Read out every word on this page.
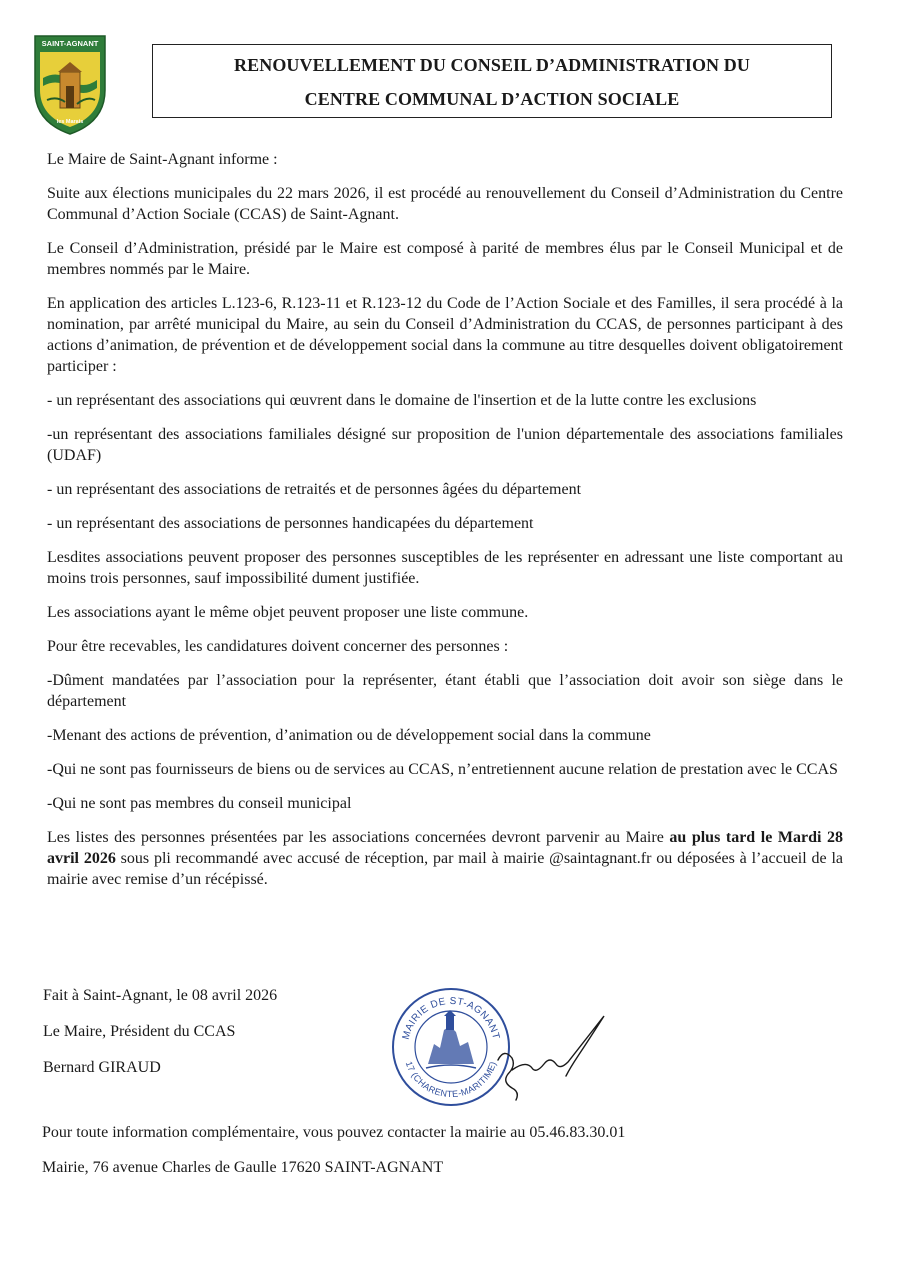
SAINT-AGNANT
les Marais
RENOUVELLEMENT DU CONSEIL D’ADMINISTRATION DU
CENTRE COMMUNAL D’ACTION SOCIALE

Le Maire de Saint-Agnant informe :

Suite aux élections municipales du 22 mars 2026, il est procédé au renouvellement du Conseil d’Administration du Centre Communal d’Action Sociale (CCAS) de Saint-Agnant.

Le Conseil d’Administration, présidé par le Maire est composé à parité de membres élus par le Conseil Municipal et de membres nommés par le Maire.

En application des articles L.123-6, R.123-11 et R.123-12 du Code de l’Action Sociale et des Familles, il sera procédé à la nomination, par arrêté municipal du Maire, au sein du Conseil d’Administration du CCAS, de personnes participant à des actions d’animation, de prévention et de développement social dans la commune au titre desquelles doivent obligatoirement participer :

- un représentant des associations qui œuvrent dans le domaine de l'insertion et de la lutte contre les exclusions

-un représentant des associations familiales désigné sur proposition de l'union départementale des associations familiales (UDAF)

- un représentant des associations de retraités et de personnes âgées du département

- un représentant des associations de personnes handicapées du département

Lesdites associations peuvent proposer des personnes susceptibles de les représenter en adressant une liste comportant au moins trois personnes, sauf impossibilité dument justifiée.

Les associations ayant le même objet peuvent proposer une liste commune.

Pour être recevables, les candidatures doivent concerner des personnes :

-Dûment mandatées par l’association pour la représenter, étant établi que l’association doit avoir son siège dans le département

-Menant des actions de prévention, d’animation ou de développement social dans la commune

-Qui ne sont pas fournisseurs de biens ou de services au CCAS, n’entretiennent aucune relation de prestation avec le CCAS

-Qui ne sont pas membres du conseil municipal

Les listes des personnes présentées par les associations concernées devront parvenir au Maire au plus tard le Mardi 28 avril 2026 sous pli recommandé avec accusé de réception, par mail à mairie @saintagnant.fr ou déposées à l’accueil de la mairie avec remise d’un récépissé.

Fait à Saint-Agnant, le 08 avril 2026
Le Maire, Président du CCAS
Bernard GIRAUD
MAIRIE DE ST-AGNANT
17 (CHARENTE-MARITIME)
Pour toute information complémentaire, vous pouvez contacter la mairie au 05.46.83.30.01
Mairie, 76 avenue Charles de Gaulle 17620 SAINT-AGNANT
